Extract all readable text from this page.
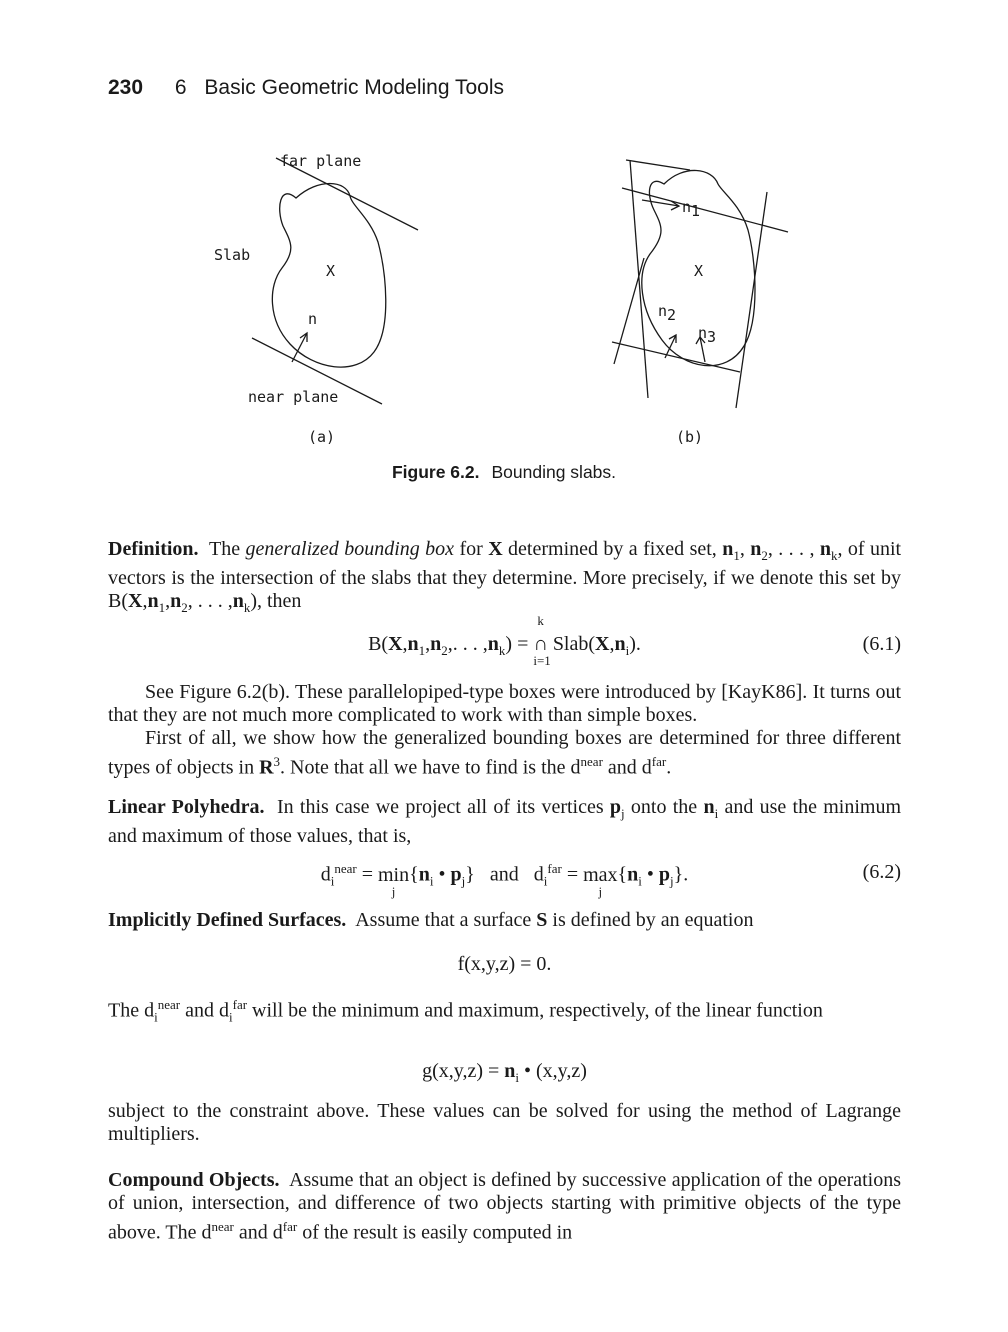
230 6 Basic Geometric Modeling Tools
far plane
Slab
X
n
near plane
(a)
X
n1
n2
n3
(b)
Figure 6.2. Bounding slabs.
Definition. The generalized bounding box for X determined by a fixed set, $n_1$, $n_2$, . . . , $n_k$, of unit vectors is the intersection of the slabs that they determine. More precisely, if we denote this set by $B(X,n_1,n_2$, . . . $,n_k$), then
$B(X,n_1,n_2$,. . . $,n_k$) =
k
∩
i=1
$Slab(X,n_i)$.	(6.1)
See Figure 6.2(b). These parallelopiped-type boxes were introduced by [KayK86]. It turns out that they are not much more complicated to work with than simple boxes.
First of all, we show how the generalized bounding boxes are determined for three different types of objects in $R^3$. Note that all we have to find is the $d^{near}$ and $d^{far}$.
Linear Polyhedra. In this case we project all of its vertices $p_j$ onto the $n_i$ and use the minimum and maximum of those values, that is,
$d_i^{near} = \min$
j
{$n_i$ • $p_j$} and $d_i^{far} = \max$
j
{$n_i$ • $p_j$}.	(6.2)
Implicitly Defined Surfaces. Assume that a surface S is defined by an equation
f(x,y,z) = 0.
The $d_i^{near}$ and $d_i^{far}$ will be the minimum and maximum, respectively, of the linear function
$g(x,y,z) = n_i$ • (x,y,z)
subject to the constraint above. These values can be solved for using the method of Lagrange multipliers.
Compound Objects. Assume that an object is defined by successive application of the operations of union, intersection, and difference of two objects starting with primitive objects of the type above. The $d^{near}$ and $d^{far}$ of the result is easily computed in
